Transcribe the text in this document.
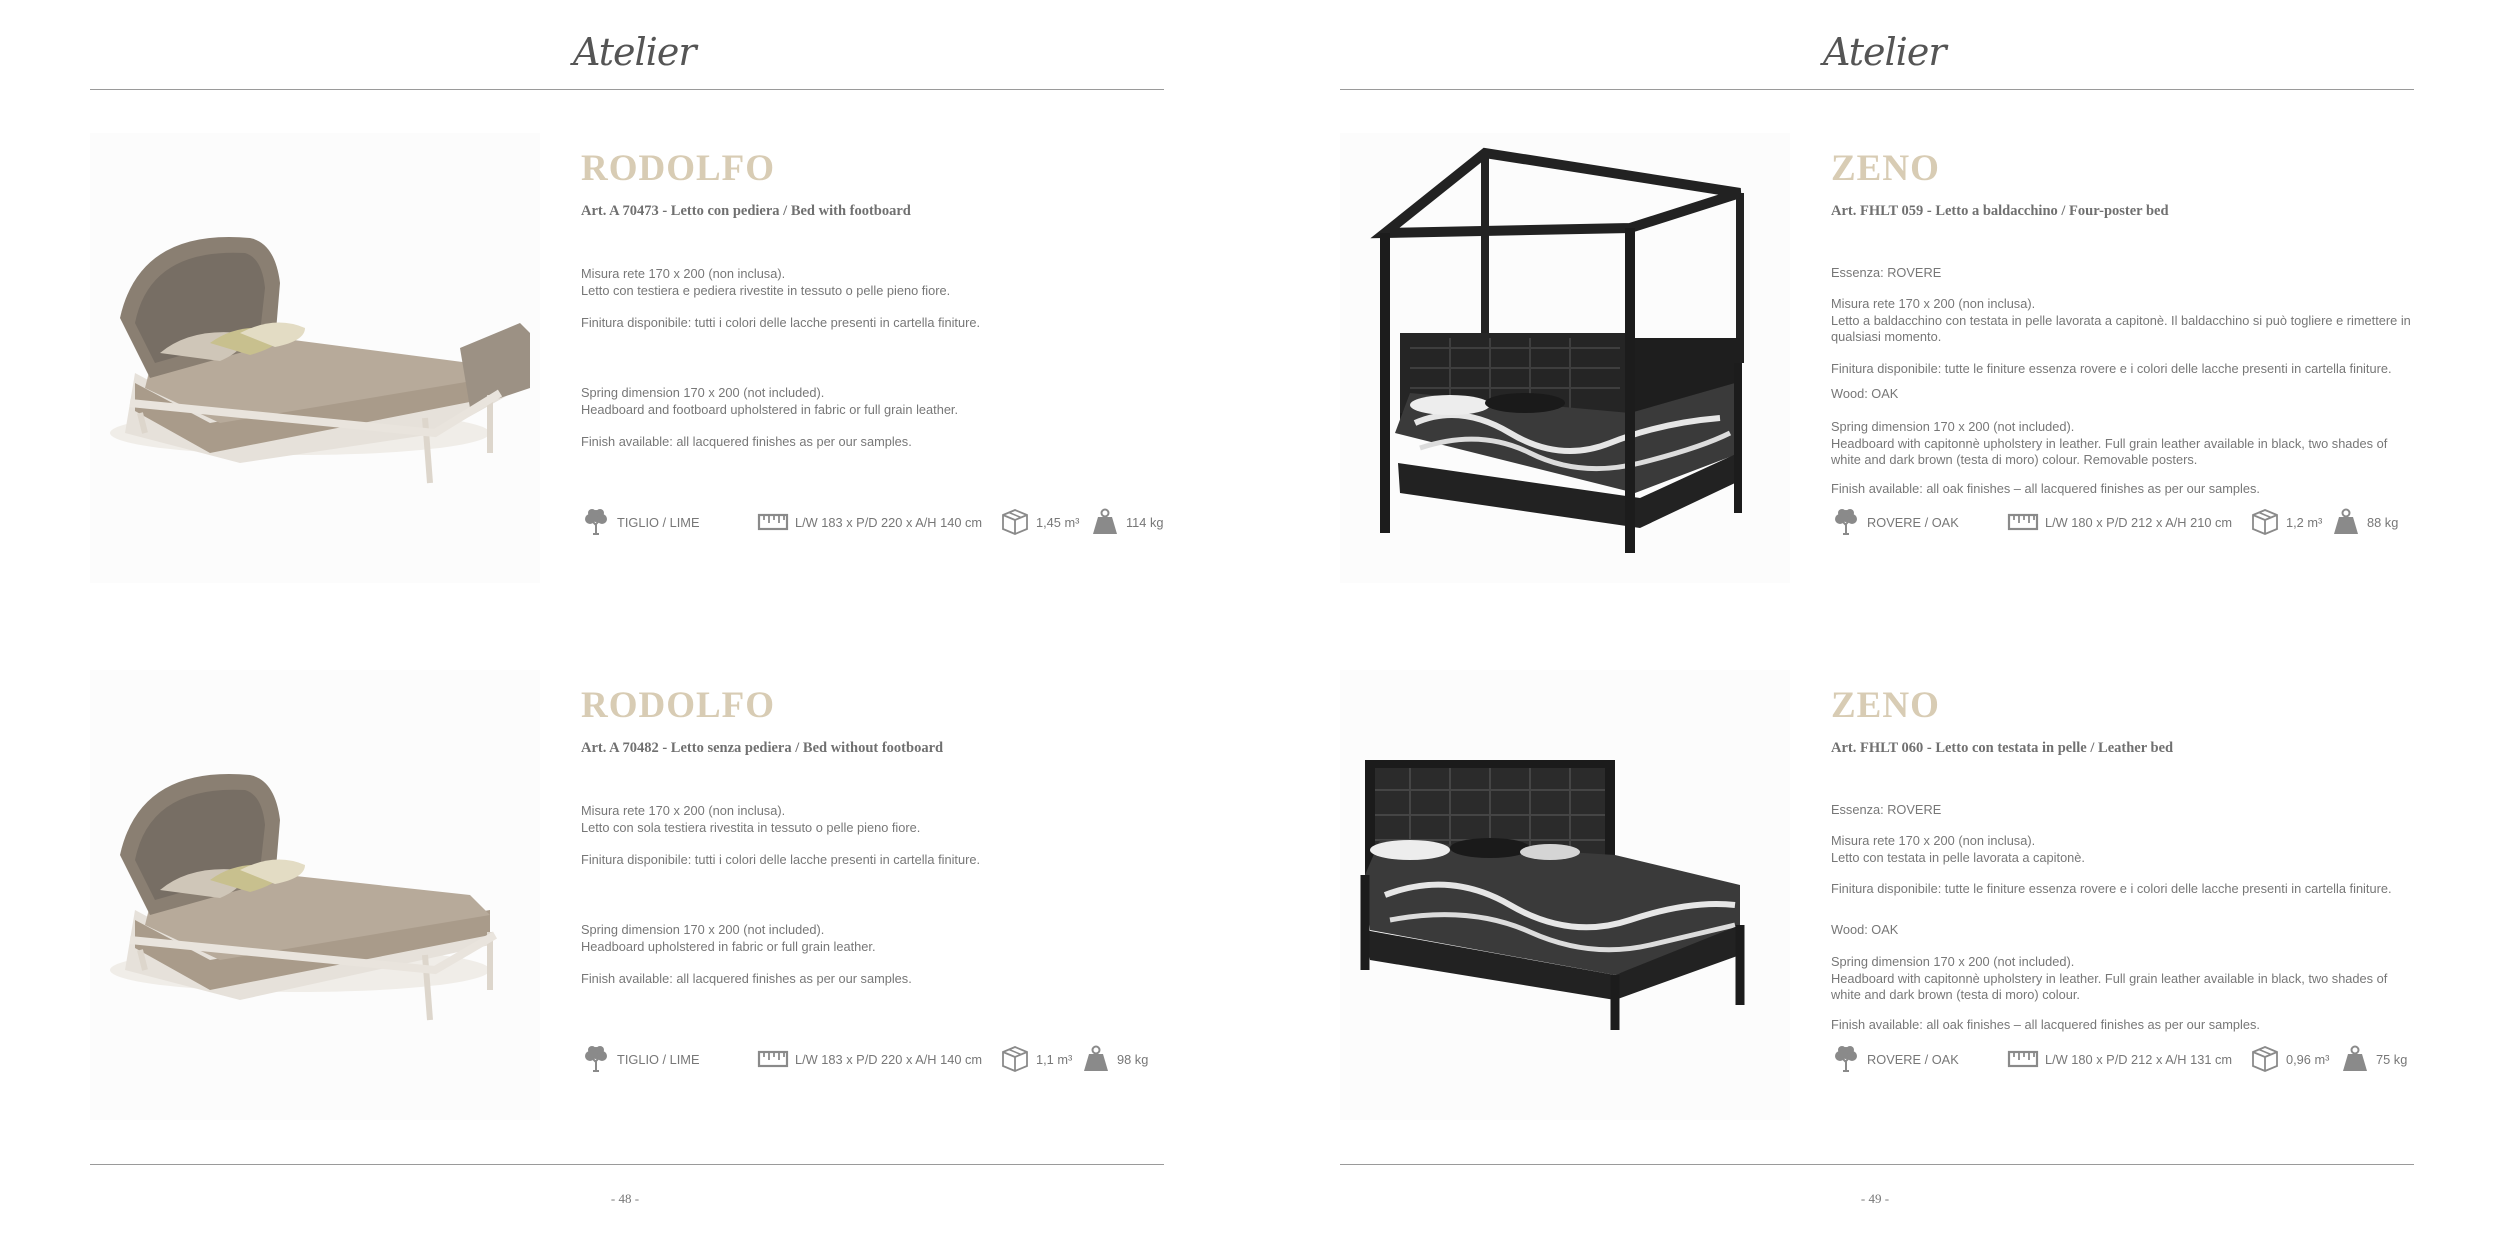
Atelier
RODOLFO
Art. A 70473 - Letto con pediera / Bed with footboard

Misura rete 170 x 200 (non inclusa).
Letto con testiera e pediera rivestite in tessuto o pelle pieno fiore.

Finitura disponibile: tutti i colori delle lacche presenti in cartella finiture.

Spring dimension 170 x 200 (not included).
Headboard and footboard upholstered in fabric or full grain leather.

Finish available: all lacquered finishes as per our samples.

TIGLIO / LIME	L/W 183 x P/D 220 x A/H 140 cm	1,45 m³	114 kg
RODOLFO
Art. A 70482 - Letto senza pediera / Bed without footboard

Misura rete 170 x 200 (non inclusa).
Letto con sola testiera rivestita in tessuto o pelle pieno fiore.

Finitura disponibile: tutti i colori delle lacche presenti in cartella finiture.

Spring dimension 170 x 200 (not included).
Headboard upholstered in fabric or full grain leather.

Finish available: all lacquered finishes as per our samples.

TIGLIO / LIME	L/W 183 x P/D 220 x A/H 140 cm	1,1 m³	98 kg
- 48 -
Atelier
ZENO
Art. FHLT 059 - Letto a baldacchino / Four-poster bed

Essenza: ROVERE

Misura rete 170 x 200 (non inclusa).
Letto a baldacchino con testata in pelle lavorata a capitonè. Il baldacchino si può togliere e rimettere in qualsiasi momento.

Finitura disponibile: tutte le finiture essenza rovere e i colori delle lacche presenti in cartella finiture.

Wood: OAK

Spring dimension 170 x 200 (not included).
Headboard with capitonnè upholstery in leather. Full grain leather available in black, two shades of white and dark brown (testa di moro) colour. Removable posters.

Finish available: all oak finishes – all lacquered finishes as per our samples.

ROVERE / OAK	L/W 180 x P/D 212 x A/H 210 cm	1,2 m³	88 kg
ZENO
Art. FHLT 060 - Letto con testata in pelle / Leather bed

Essenza: ROVERE

Misura rete 170 x 200 (non inclusa).
Letto con testata in pelle lavorata a capitonè.

Finitura disponibile: tutte le finiture essenza rovere e i colori delle lacche presenti in cartella finiture.

Wood: OAK

Spring dimension 170 x 200 (not included).
Headboard with capitonnè upholstery in leather. Full grain leather available in black, two shades of white and dark brown (testa di moro) colour.

Finish available: all oak finishes – all lacquered finishes as per our samples.

ROVERE / OAK	L/W 180 x P/D 212 x A/H 131 cm	0,96 m³	75 kg
- 49 -
